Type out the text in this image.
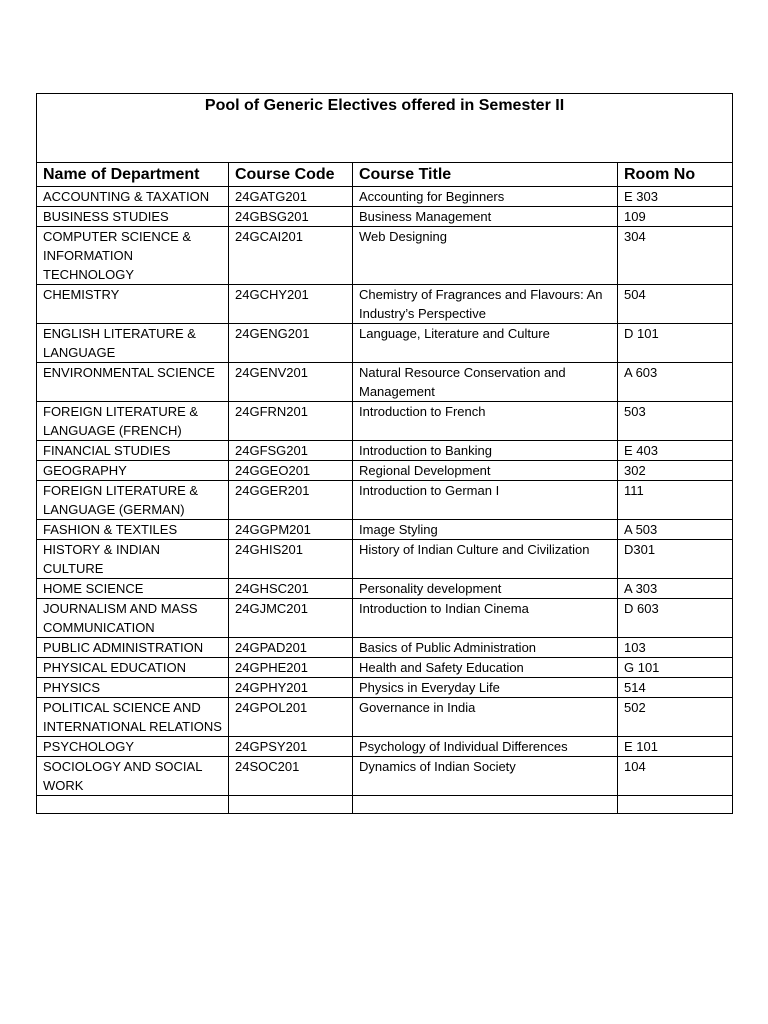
Pool of Generic Electives offered in Semester II			
Name of Department	Course Code	Course Title	Room No
ACCOUNTING & TAXATION	24GATG201	Accounting for Beginners	E 303
BUSINESS STUDIES	24GBSG201	Business Management	109
COMPUTER SCIENCE & INFORMATION TECHNOLOGY	24GCAI201	Web Designing	304
CHEMISTRY	24GCHY201	Chemistry of Fragrances and Flavours: An Industry’s Perspective	504
ENGLISH LITERATURE & LANGUAGE	24GENG201	Language, Literature and Culture	D 101
ENVIRONMENTAL SCIENCE	24GENV201	Natural Resource Conservation and Management	A 603
FOREIGN LITERATURE & LANGUAGE (FRENCH)	24GFRN201	Introduction to French	503
FINANCIAL STUDIES	24GFSG201	Introduction to Banking	E 403
GEOGRAPHY	24GGEO201	Regional Development	302
FOREIGN LITERATURE & LANGUAGE (GERMAN)	24GGER201	Introduction to German I	111
FASHION & TEXTILES	24GGPM201	Image Styling	A 503
HISTORY & INDIAN CULTURE	24GHIS201	History of Indian Culture and Civilization	D301
HOME SCIENCE	24GHSC201	Personality development	A 303
JOURNALISM AND MASS COMMUNICATION	24GJMC201	Introduction to Indian Cinema	D 603
PUBLIC ADMINISTRATION	24GPAD201	Basics of Public Administration	103
PHYSICAL EDUCATION	24GPHE201	Health and Safety Education	G 101
PHYSICS	24GPHY201	Physics in Everyday Life	514
POLITICAL SCIENCE AND INTERNATIONAL RELATIONS	24GPOL201	Governance in India	502
PSYCHOLOGY	24GPSY201	Psychology of Individual Differences	E 101
SOCIOLOGY AND SOCIAL WORK	24SOC201	Dynamics of Indian Society	104
